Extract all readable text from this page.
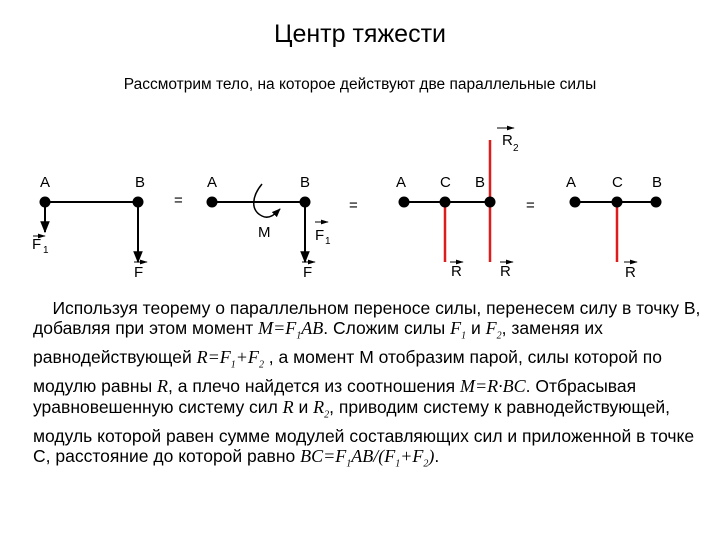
Центр тяжести
Рассмотрим тело, на которое действуют две параллельные силы
A	B
F 1
F
=
A	B
M	F 1
F
=
A C B
R 2
R	R
=
A C B
R

Используя теорему о параллельном переносе силы, перенесем силу в точку B, добавляя при этом момент $M=F_1AB$. Сложим силы $F_1$ и $F_2$, заменяя их равнодействующей $R=F_1+F_2$ , а момент M отобразим парой, силы которой по модулю равны R, а плечо найдется из соотношения M=R∙BC. Отбрасывая уравновешенную систему сил R и $R_2$, приводим систему к равнодействующей, модуль которой равен сумме модулей составляющих сил и приложенной в точке C, расстояние до которой равно $BC=F_1AB/(F_1+F_2)$.
